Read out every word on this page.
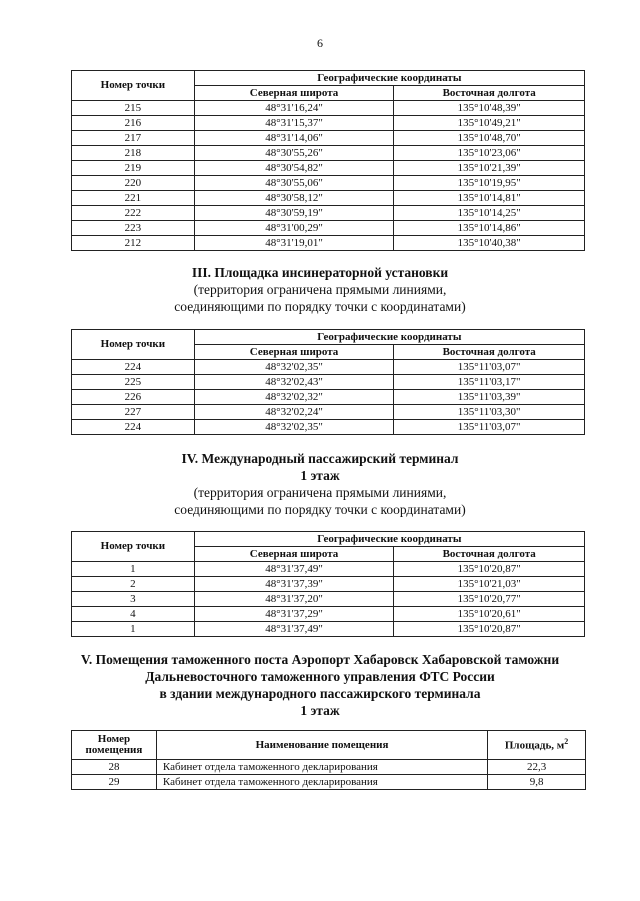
6
Номер точки	Географические координаты	
	Северная широта	Восточная долгота
215	48°31'16,24"	135°10'48,39"
216	48°31'15,37"	135°10'49,21"
217	48°31'14,06"	135°10'48,70"
218	48°30'55,26"	135°10'23,06"
219	48°30'54,82"	135°10'21,39"
220	48°30'55,06"	135°10'19,95"
221	48°30'58,12"	135°10'14,81"
222	48°30'59,19"	135°10'14,25"
223	48°31'00,29"	135°10'14,86"
212	48°31'19,01"	135°10'40,38"
III. Площадка инсинераторной установки
(территория ограничена прямыми линиями,
соединяющими по порядку точки с координатами)
Номер точки	Географические координаты	
	Северная широта	Восточная долгота
224	48°32'02,35"	135°11'03,07"
225	48°32'02,43"	135°11'03,17"
226	48°32'02,32"	135°11'03,39"
227	48°32'02,24"	135°11'03,30"
224	48°32'02,35"	135°11'03,07"
IV. Международный пассажирский терминал
1 этаж
(территория ограничена прямыми линиями,
соединяющими по порядку точки с координатами)
Номер точки	Географические координаты	
	Северная широта	Восточная долгота
1	48°31'37,49"	135°10'20,87"
2	48°31'37,39"	135°10'21,03"
3	48°31'37,20"	135°10'20,77"
4	48°31'37,29"	135°10'20,61"
1	48°31'37,49"	135°10'20,87"
V. Помещения таможенного поста Аэропорт Хабаровск Хабаровской таможни
Дальневосточного таможенного управления ФТС России
в здании международного пассажирского терминала
1 этаж
Номер
помещения	Наименование помещения	Площадь, $м^2$
28	Кабинет отдела таможенного декларирования	22,3
29	Кабинет отдела таможенного декларирования	9,8
